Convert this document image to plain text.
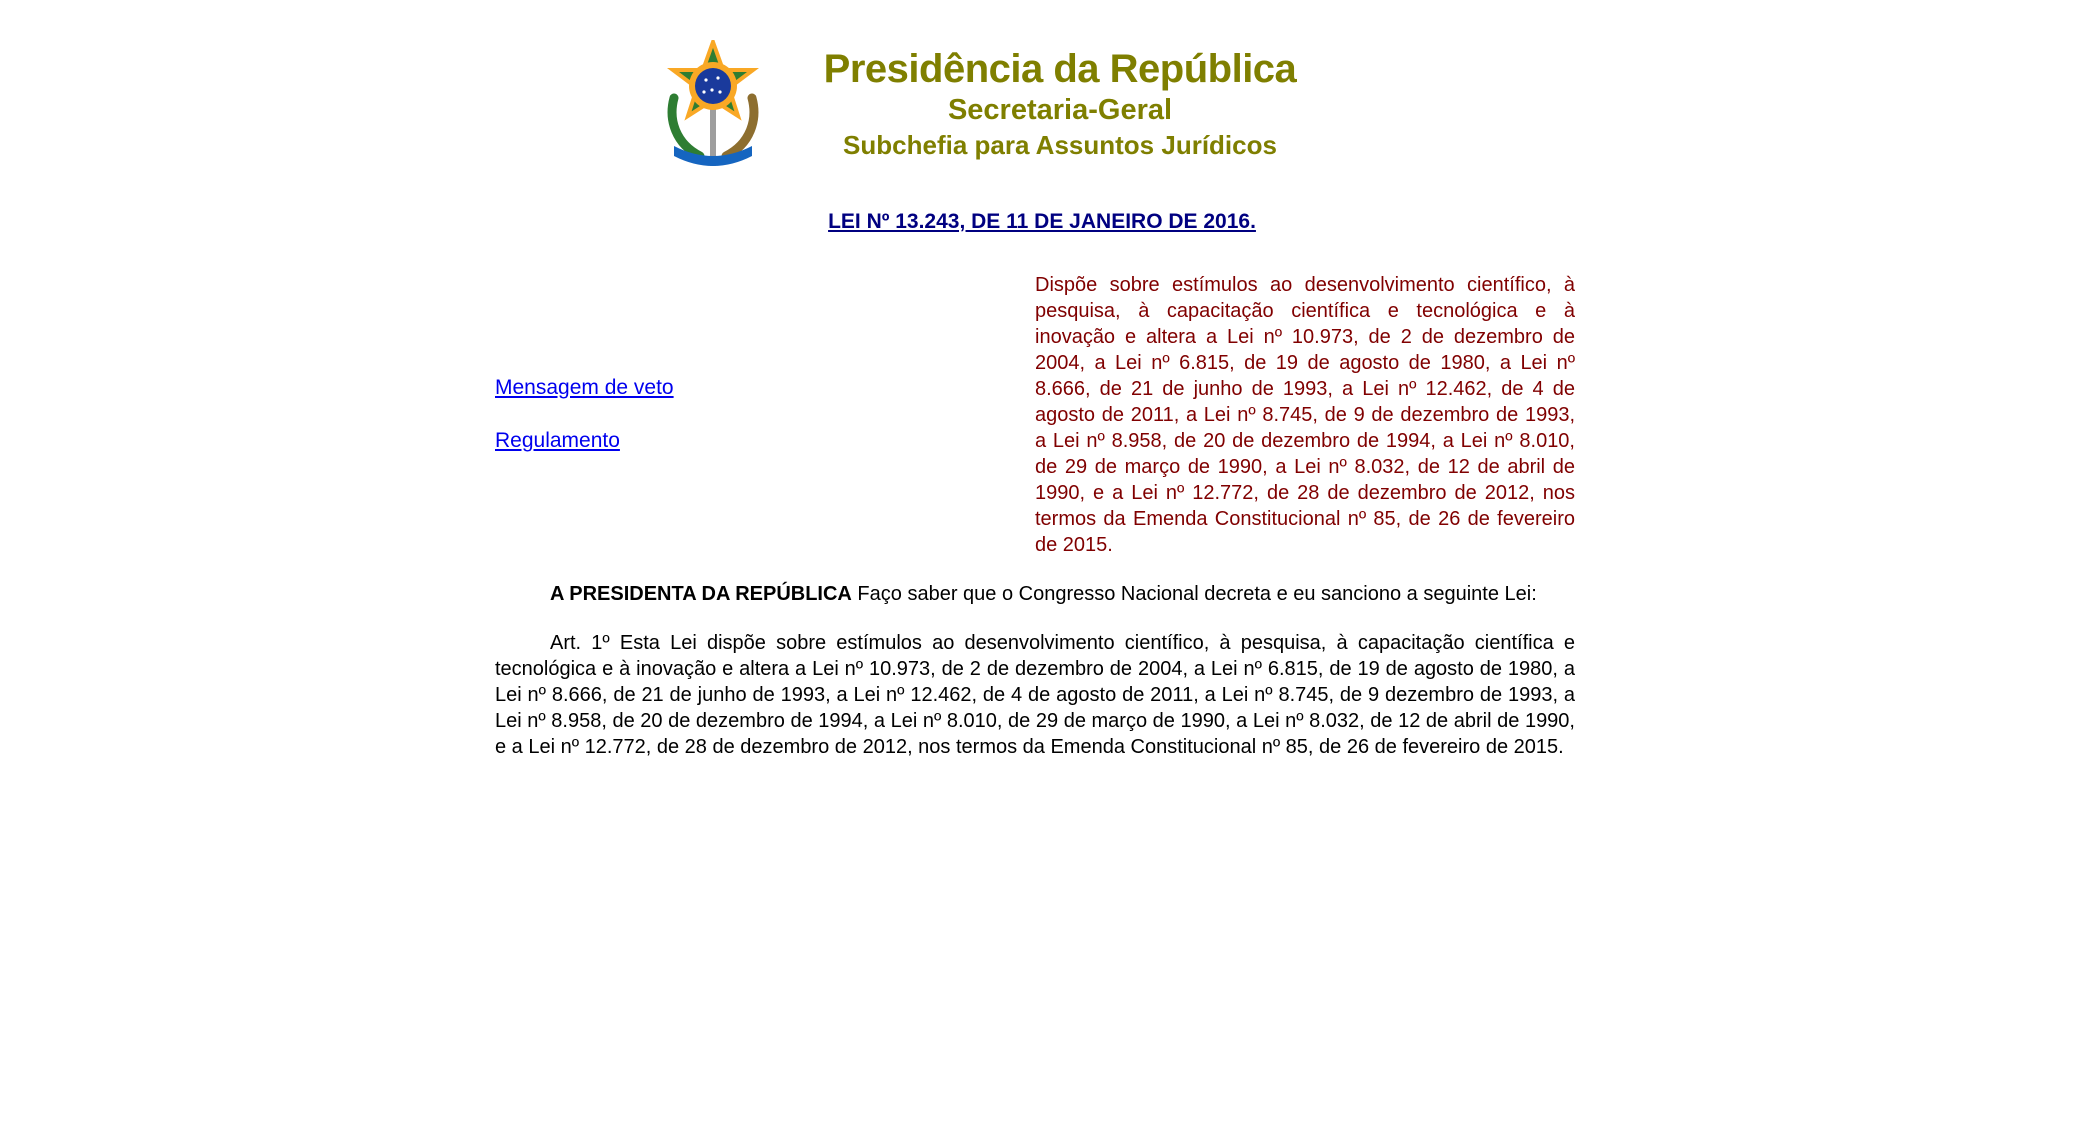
Presidência da República
Secretaria-Geral
Subchefia para Assuntos Jurídicos
LEI Nº 13.243, DE 11 DE JANEIRO DE 2016.
Mensagem de veto
Regulamento
Dispõe sobre estímulos ao desenvolvimento científico, à pesquisa, à capacitação científica e tecnológica e à inovação e altera a Lei nº 10.973, de 2 de dezembro de 2004, a Lei nº 6.815, de 19 de agosto de 1980, a Lei nº 8.666, de 21 de junho de 1993, a Lei nº 12.462, de 4 de agosto de 2011, a Lei nº 8.745, de 9 de dezembro de 1993, a Lei nº 8.958, de 20 de dezembro de 1994, a Lei nº 8.010, de 29 de março de 1990, a Lei nº 8.032, de 12 de abril de 1990, e a Lei nº 12.772, de 28 de dezembro de 2012, nos termos da Emenda Constitucional nº 85, de 26 de fevereiro de 2015.

A PRESIDENTA DA REPÚBLICA Faço saber que o Congresso Nacional decreta e eu sanciono a seguinte Lei:

Art. 1º Esta Lei dispõe sobre estímulos ao desenvolvimento científico, à pesquisa, à capacitação científica e tecnológica e à inovação e altera a Lei nº 10.973, de 2 de dezembro de 2004, a Lei nº 6.815, de 19 de agosto de 1980, a Lei nº 8.666, de 21 de junho de 1993, a Lei nº 12.462, de 4 de agosto de 2011, a Lei nº 8.745, de 9 dezembro de 1993, a Lei nº 8.958, de 20 de dezembro de 1994, a Lei nº 8.010, de 29 de março de 1990, a Lei nº 8.032, de 12 de abril de 1990, e a Lei nº 12.772, de 28 de dezembro de 2012, nos termos da Emenda Constitucional nº 85, de 26 de fevereiro de 2015.
